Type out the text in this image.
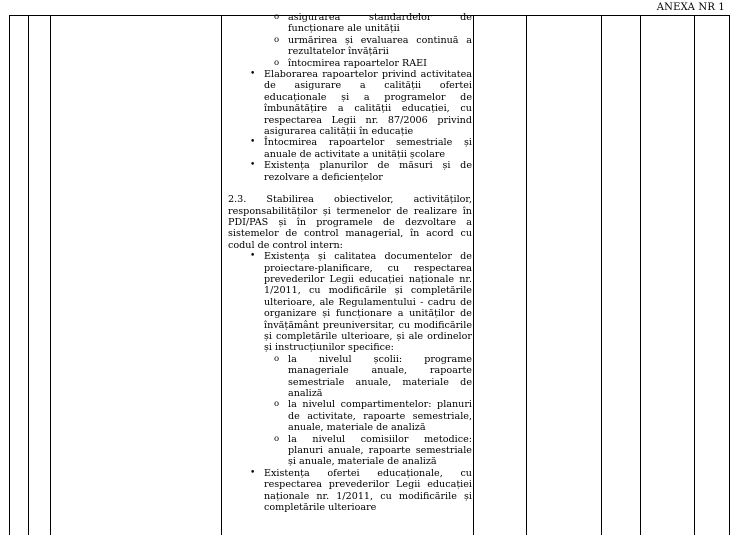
ANEXA NR 1
o asigurarea standardelor de funcționare ale unității
o urmărirea și evaluarea continuă a rezultatelor învățării
o întocmirea rapoartelor RAEI
• Elaborarea rapoartelor privind activitatea de asigurare a calității ofertei educaționale și a programelor de îmbunătățire a calității educației, cu respectarea Legii nr. 87/2006 privind asigurarea calității în educație
• Întocmirea rapoartelor semestriale și anuale de activitate a unității școlare
• Existența planurilor de măsuri și de rezolvare a deficiențelor

2.3. Stabilirea obiectivelor, activităților, responsabilităților și termenelor de realizare în PDI/PAS și în programele de dezvoltare a sistemelor de control managerial, în acord cu codul de control intern:

• Existența și calitatea documentelor de proiectare-planificare, cu respectarea prevederilor Legii educației naționale nr. 1/2011, cu modificările și completările ulterioare, ale Regulamentului - cadru de organizare și funcționare a unităților de învățământ preuniversitar, cu modificările și completările ulterioare, și ale ordinelor și instrucțiunilor specifice:
o la nivelul școlii: programe manageriale anuale, rapoarte semestriale anuale, materiale de analiză
o la nivelul compartimentelor: planuri de activitate, rapoarte semestriale, anuale, materiale de analiză
o la nivelul comisiilor metodice: planuri anuale, rapoarte semestriale și anuale, materiale de analiză
• Existența ofertei educaționale, cu respectarea prevederilor Legii educației naționale nr. 1/2011, cu modificările și completările ulterioare
